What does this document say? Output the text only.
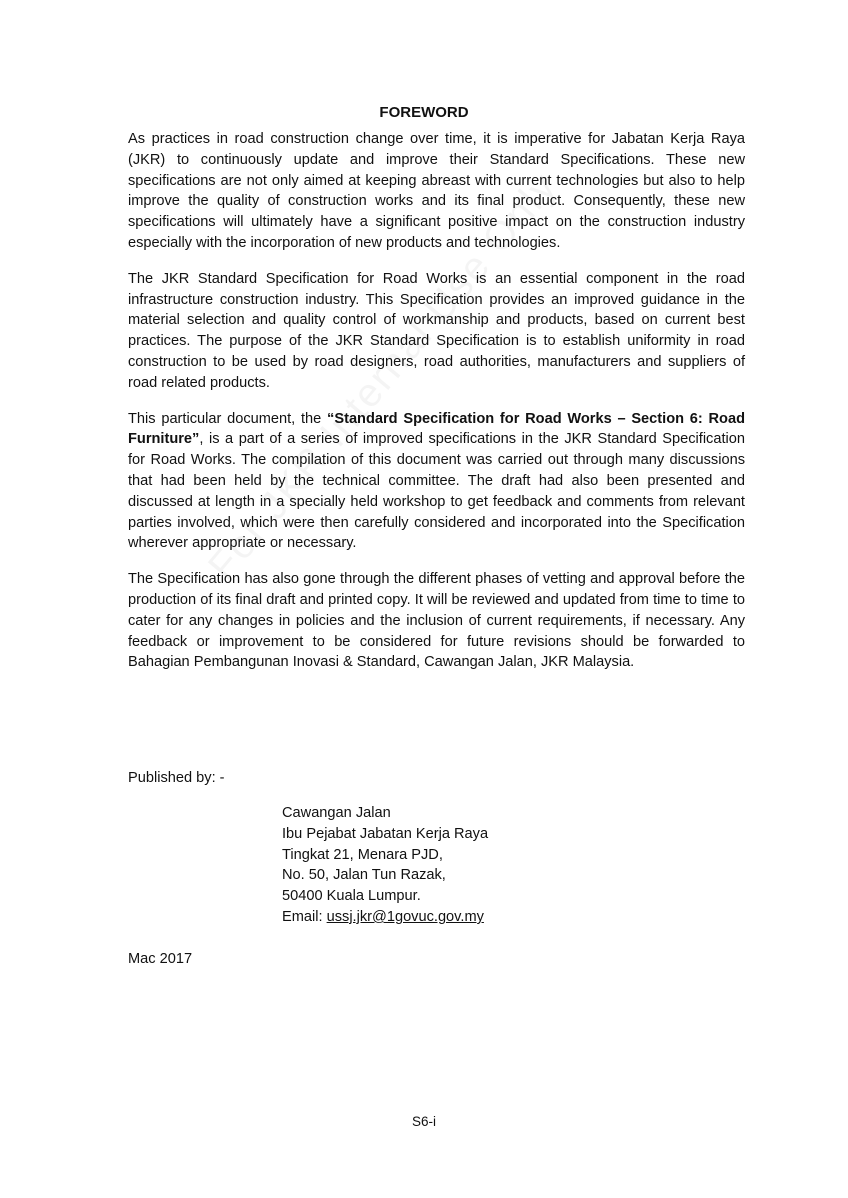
FOREWORD

As practices in road construction change over time, it is imperative for Jabatan Kerja Raya (JKR) to continuously update and improve their Standard Specifications. These new specifications are not only aimed at keeping abreast with current technologies but also to help improve the quality of construction works and its final product. Consequently, these new specifications will ultimately have a significant positive impact on the construction industry especially with the incorporation of new products and technologies.

The JKR Standard Specification for Road Works is an essential component in the road infrastructure construction industry. This Specification provides an improved guidance in the material selection and quality control of workmanship and products, based on current best practices. The purpose of the JKR Standard Specification is to establish uniformity in road construction to be used by road designers, road authorities, manufacturers and suppliers of road related products.

This particular document, the “Standard Specification for Road Works – Section 6: Road Furniture”, is a part of a series of improved specifications in the JKR Standard Specification for Road Works. The compilation of this document was carried out through many discussions that had been held by the technical committee. The draft had also been presented and discussed at length in a specially held workshop to get feedback and comments from relevant parties involved, which were then carefully considered and incorporated into the Specification wherever appropriate or necessary.

The Specification has also gone through the different phases of vetting and approval before the production of its final draft and printed copy. It will be reviewed and updated from time to time to cater for any changes in policies and the inclusion of current requirements, if necessary. Any feedback or improvement to be considered for future revisions should be forwarded to Bahagian Pembangunan Inovasi & Standard, Cawangan Jalan, JKR Malaysia.

Published by: -

Cawangan Jalan
Ibu Pejabat Jabatan Kerja Raya
Tingkat 21, Menara PJD,
No. 50, Jalan Tun Razak,
50400 Kuala Lumpur.
Email: ussj.jkr@1govuc.gov.my

Mac 2017

S6-i
